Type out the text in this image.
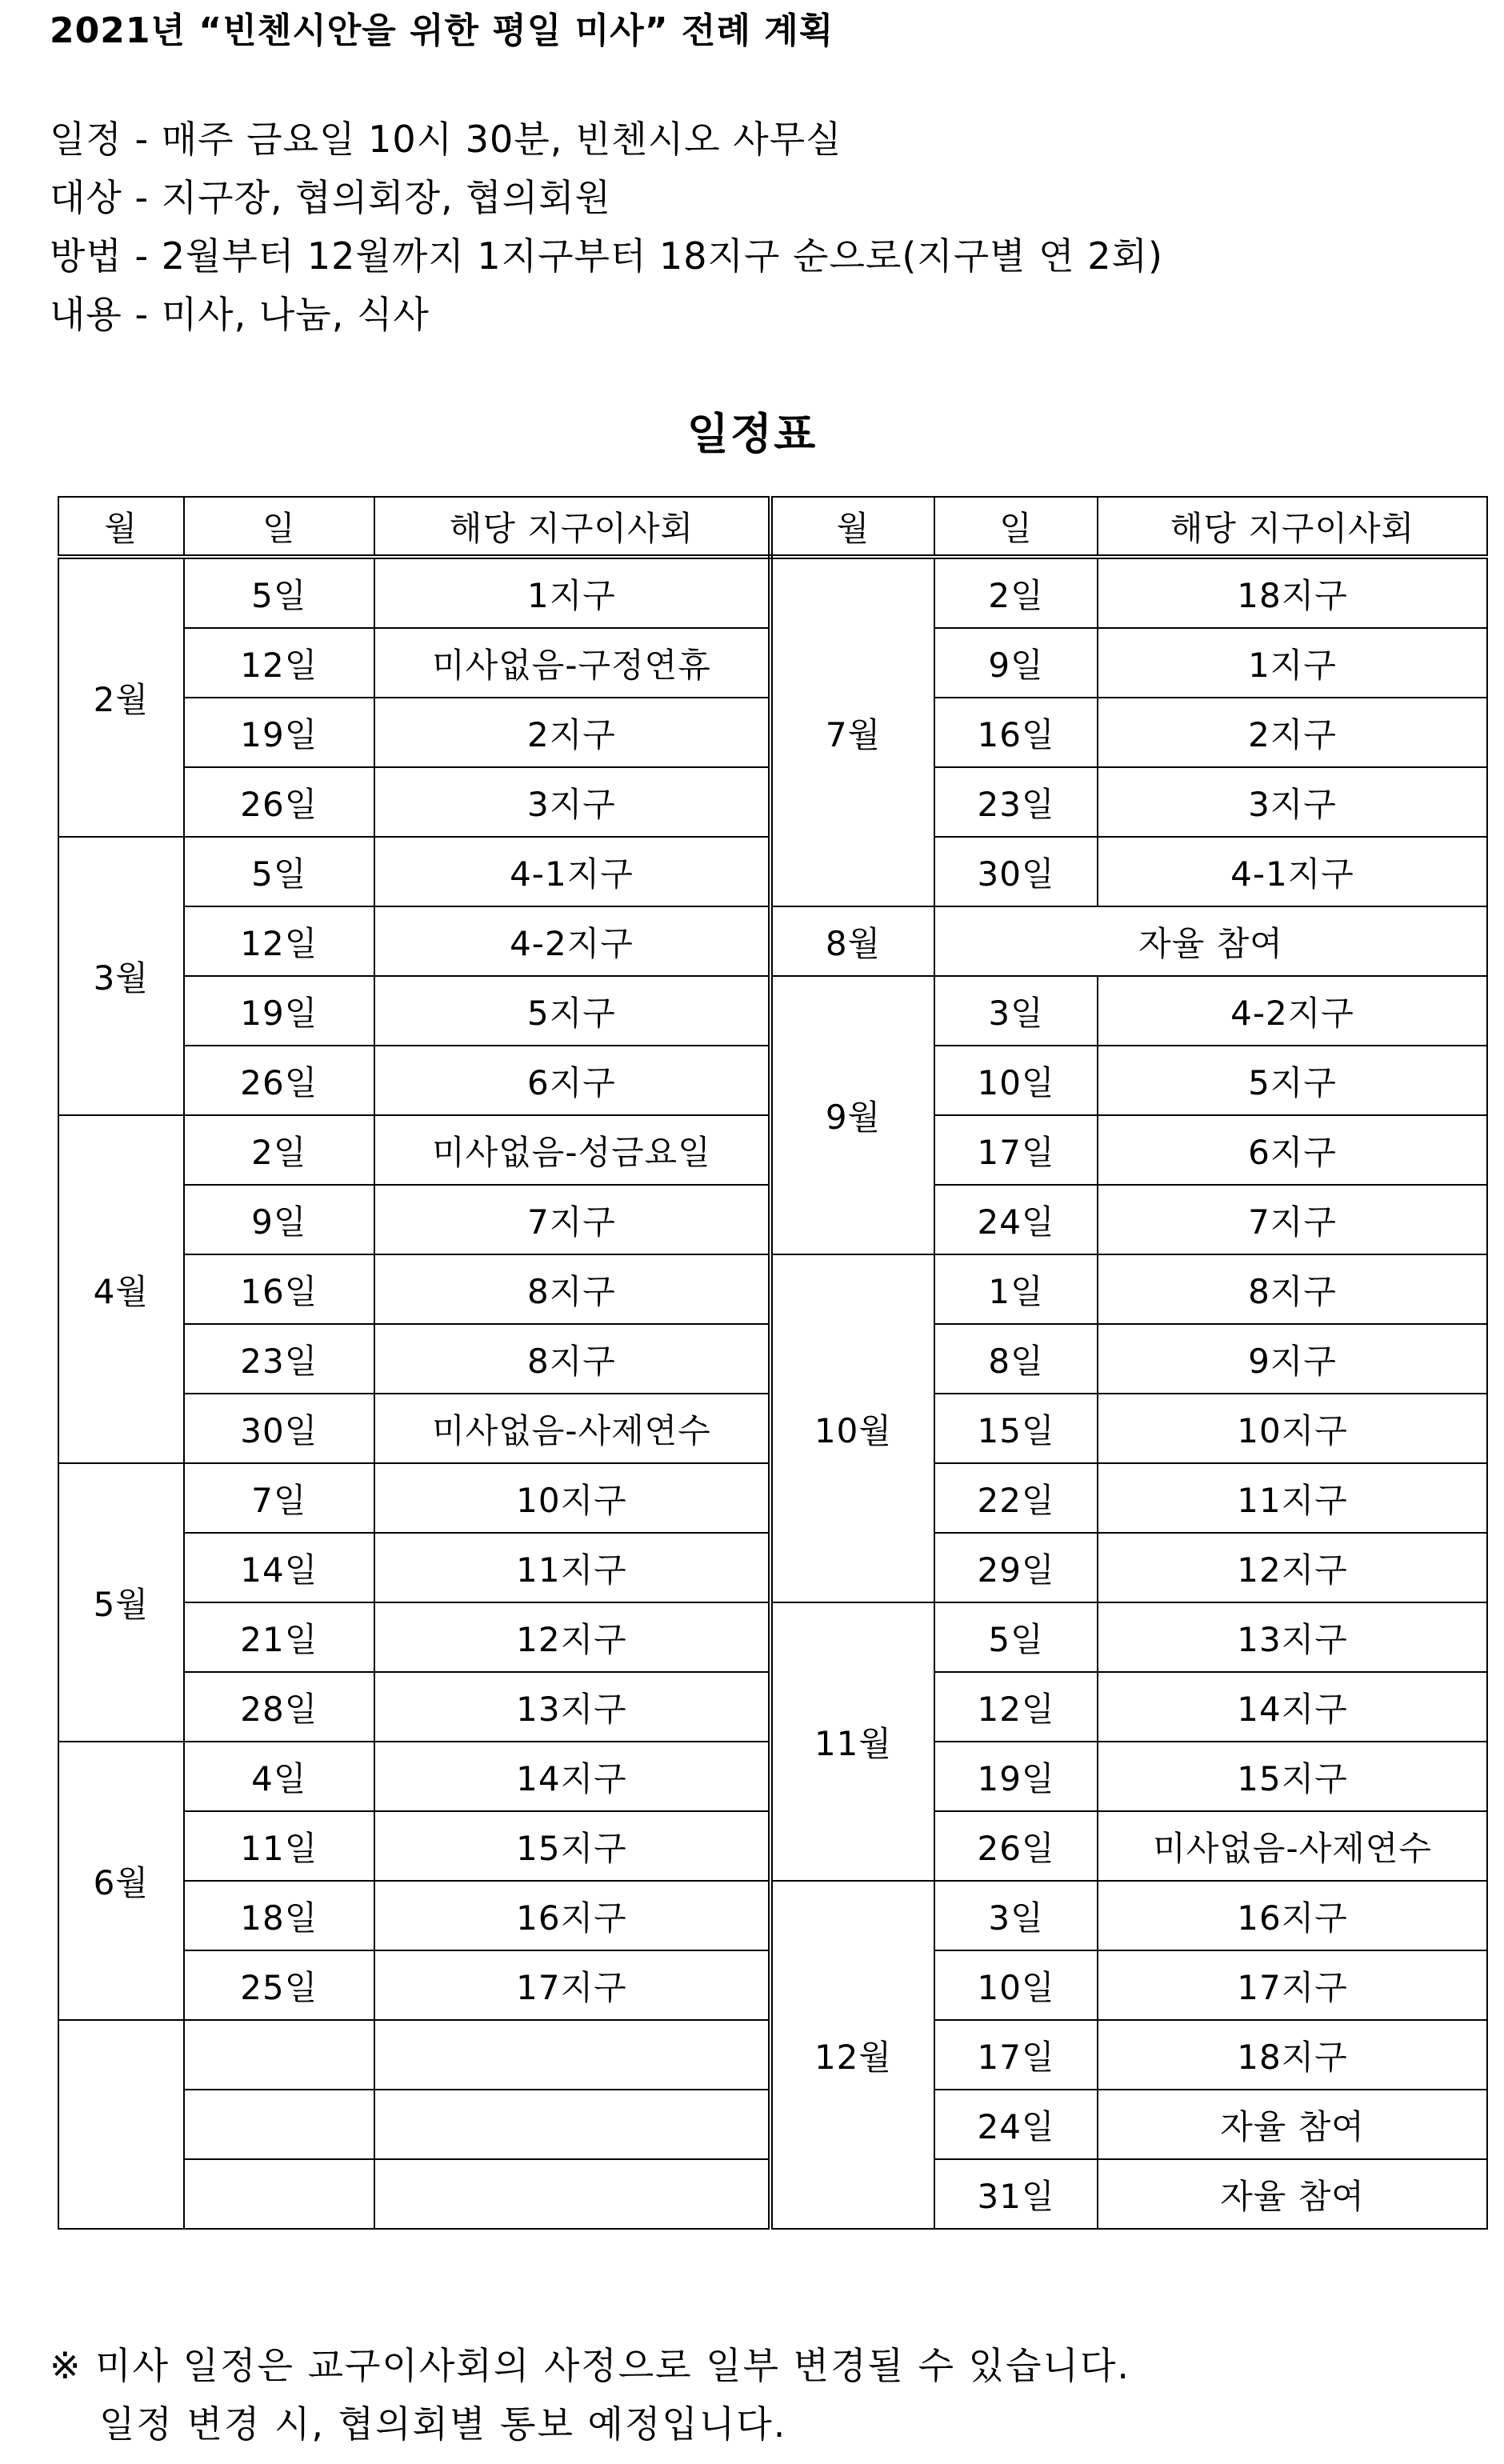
2021년 “빈첸시안을 위한 평일 미사” 전례 계획
일정 - 매주 금요일 10시 30분, 빈첸시오 사무실
대상 - 지구장, 협의회장, 협의회원
방법 - 2월부터 12월까지 1지구부터 18지구 순으로(지구별 연 2회)
내용 - 미사, 나눔, 식사
일정표
월	일	해당 지구이사회	월	일	해당 지구이사회
2월	5일	1지구	7월	2일	18지구
	12일	미사없음-구정연휴		9일	1지구
	19일	2지구		16일	2지구
	26일	3지구		23일	3지구
3월	5일	4-1지구		30일	4-1지구
	12일	4-2지구	8월	자율 참여	
	19일	5지구	9월	3일	4-2지구
	26일	6지구		10일	5지구
4월	2일	미사없음-성금요일		17일	6지구
	9일	7지구		24일	7지구
	16일	8지구	10월	1일	8지구
	23일	8지구		8일	9지구
	30일	미사없음-사제연수		15일	10지구
5월	7일	10지구		22일	11지구
	14일	11지구		29일	12지구
	21일	12지구	11월	5일	13지구
	28일	13지구		12일	14지구
6월	4일	14지구		19일	15지구
	11일	15지구		26일	미사없음-사제연수
	18일	16지구	12월	3일	16지구
	25일	17지구		10일	17지구
				17일	18지구
				24일	자율 참여
				31일	자율 참여
※ 미사 일정은 교구이사회의 사정으로 일부 변경될 수 있습니다.
일정 변경 시, 협의회별 통보 예정입니다.
